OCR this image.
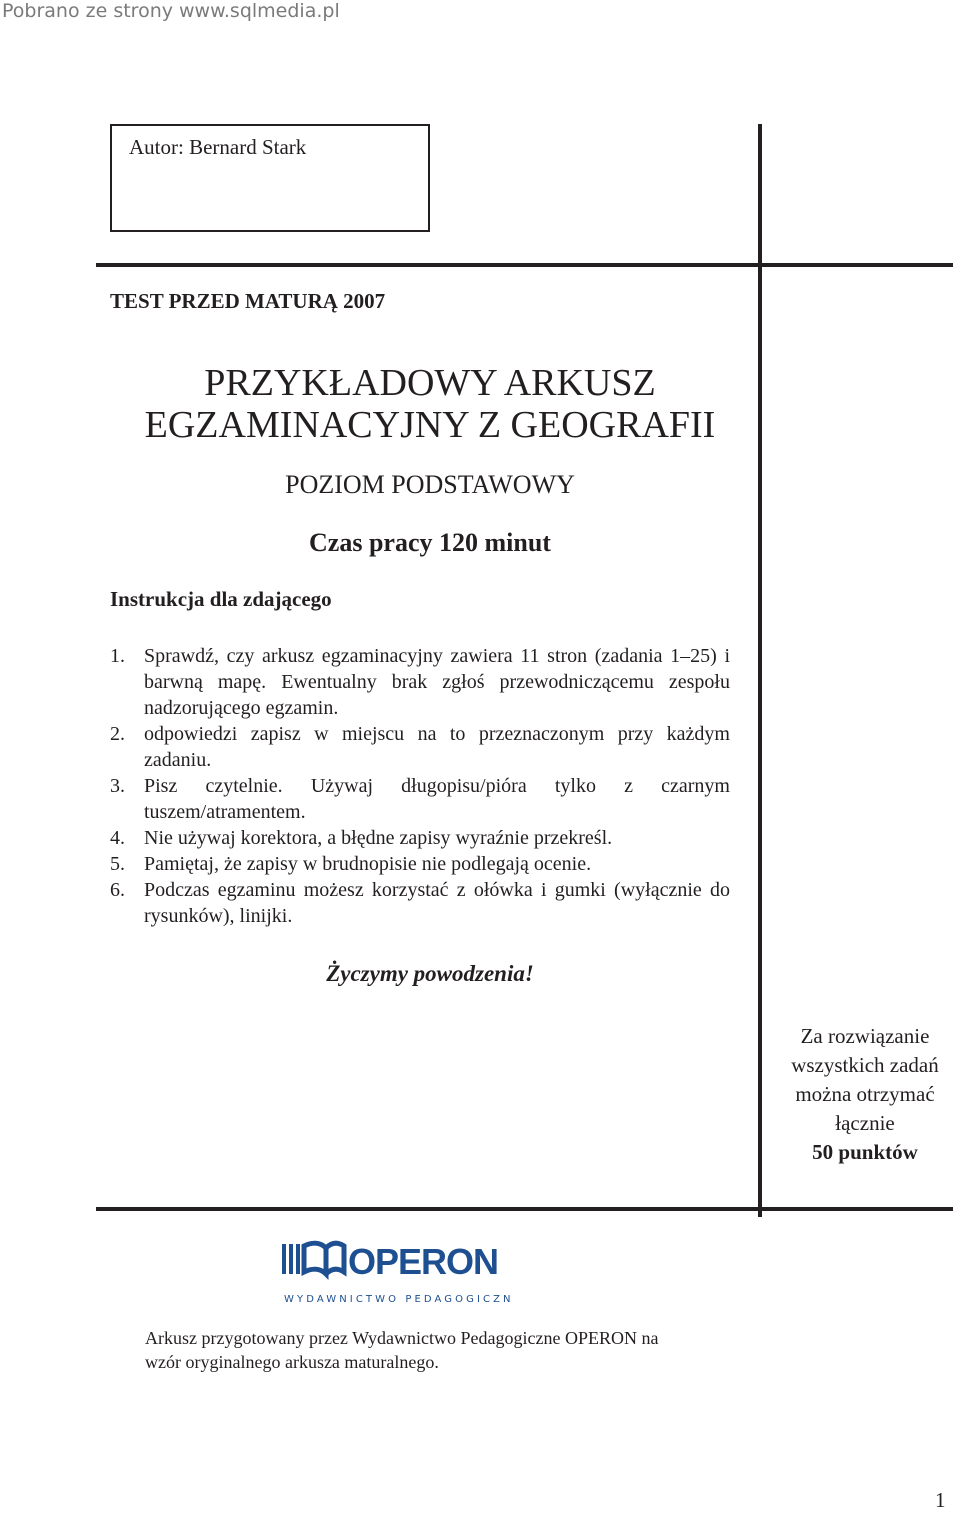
Pobrano ze strony www.sqlmedia.pl
Autor: Bernard Stark
TEST PRZED MATURĄ 2007
PRZYKŁADOWY ARKUSZ
EGZAMINACYJNY Z GEOGRAFII
POZIOM PODSTAWOWY
Czas pracy 120 minut
Instrukcja dla zdającego
1. Sprawdź, czy arkusz egzaminacyjny zawiera 11 stron (zadania 1–25) i barwną mapę. Ewentualny brak zgłoś przewodniczącemu zespołu nadzorującego egzamin.
2. odpowiedzi zapisz w miejscu na to przeznaczonym przy każdym zadaniu.
3. Pisz czytelnie. Używaj długopisu/pióra tylko z czarnym tuszem/atramentem.
4. Nie używaj korektora, a błędne zapisy wyraźnie przekreśl.
5. Pamiętaj, że zapisy w brudnopisie nie podlegają ocenie.
6. Podczas egzaminu możesz korzystać z ołówka i gumki (wyłącznie do rysunków), linijki.
Życzymy powodzenia!
Za rozwiązanie
wszystkich zadań
można otrzymać
łącznie
50 punktów
OPERON
WYDAWNICTWO PEDAGOGICZNE
Arkusz przygotowany przez Wydawnictwo Pedagogiczne OPERON na
wzór oryginalnego arkusza maturalnego.
1
